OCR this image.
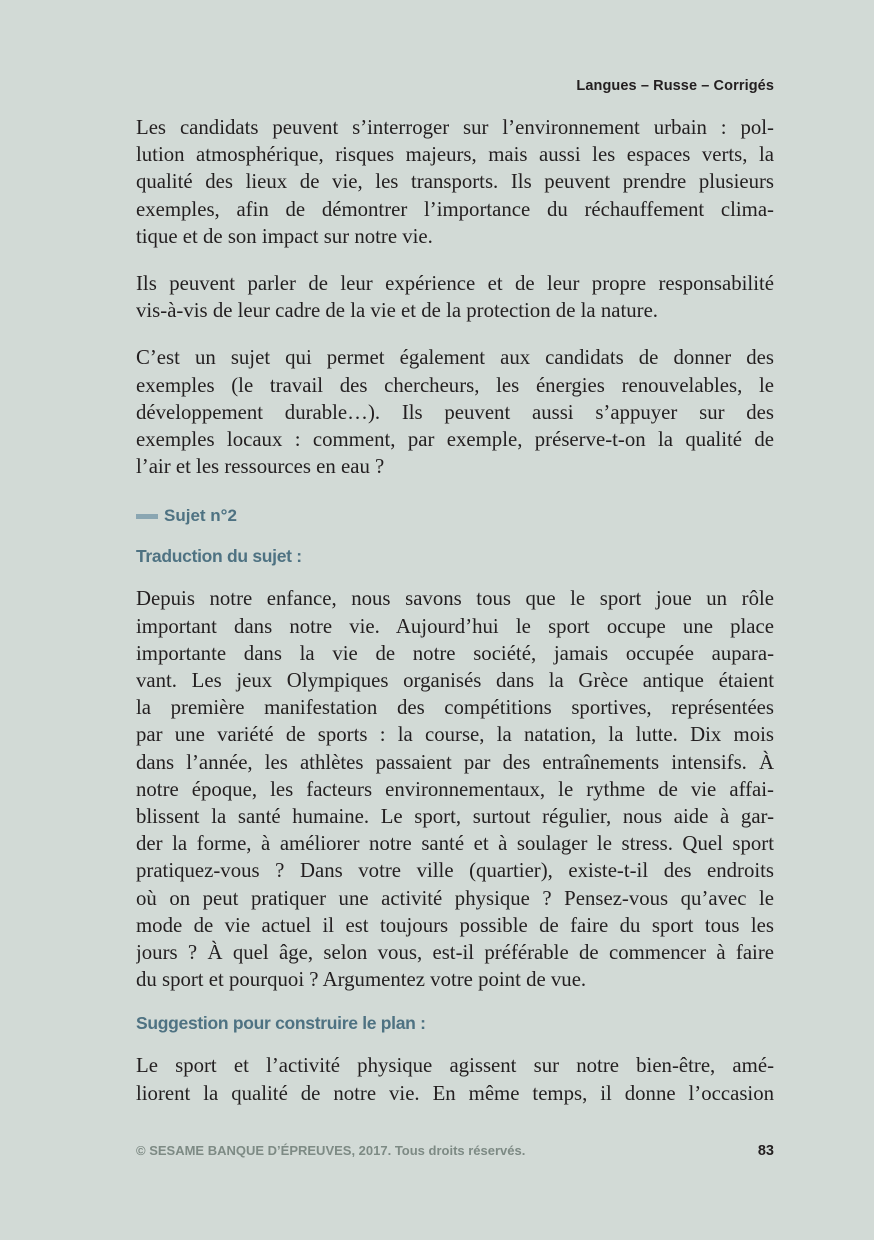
Langues – Russe – Corrigés

Les candidats peuvent s’interroger sur l’environnement urbain : pol-
lution atmosphérique, risques majeurs, mais aussi les espaces verts, la
qualité des lieux de vie, les transports. Ils peuvent prendre plusieurs
exemples, afin de démontrer l’importance du réchauffement clima-
tique et de son impact sur notre vie.

Ils peuvent parler de leur expérience et de leur propre responsabilité
vis-à-vis de leur cadre de la vie et de la protection de la nature.

C’est un sujet qui permet également aux candidats de donner des
exemples (le travail des chercheurs, les énergies renouvelables, le
développement durable…). Ils peuvent aussi s’appuyer sur des
exemples locaux : comment, par exemple, préserve-t-on la qualité de
l’air et les ressources en eau ?

Sujet n°2
Traduction du sujet :

Depuis notre enfance, nous savons tous que le sport joue un rôle
important dans notre vie. Aujourd’hui le sport occupe une place
importante dans la vie de notre société, jamais occupée aupara-
vant. Les jeux Olympiques organisés dans la Grèce antique étaient
la première manifestation des compétitions sportives, représentées
par une variété de sports : la course, la natation, la lutte. Dix mois
dans l’année, les athlètes passaient par des entraînements intensifs. À
notre époque, les facteurs environnementaux, le rythme de vie affai-
blissent la santé humaine. Le sport, surtout régulier, nous aide à gar-
der la forme, à améliorer notre santé et à soulager le stress. Quel sport
pratiquez-vous ? Dans votre ville (quartier), existe-t-il des endroits
où on peut pratiquer une activité physique ? Pensez-vous qu’avec le
mode de vie actuel il est toujours possible de faire du sport tous les
jours ? À quel âge, selon vous, est-il préférable de commencer à faire
du sport et pourquoi ? Argumentez votre point de vue.

Suggestion pour construire le plan :

Le sport et l’activité physique agissent sur notre bien-être, amé-
liorent la qualité de notre vie. En même temps, il donne l’occasion

© SESAME BANQUE D’ÉPREUVES, 2017. Tous droits réservés.	83
